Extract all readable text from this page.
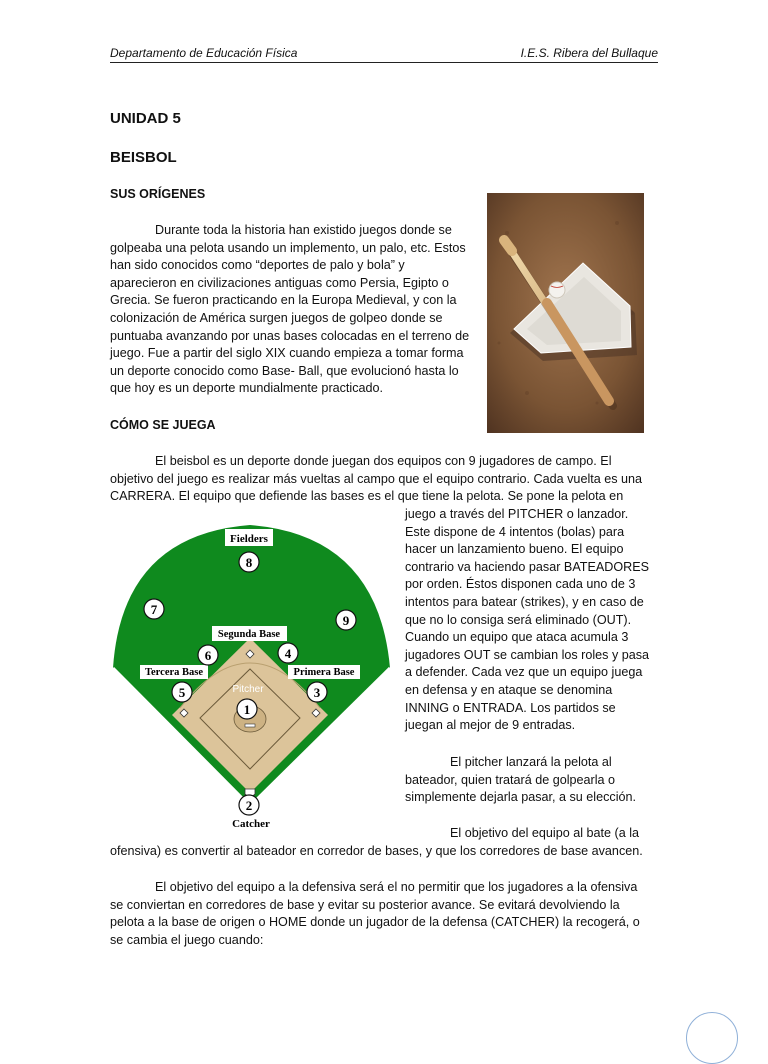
Departamento de Educación Física	I.E.S. Ribera del Bullaque
UNIDAD 5
BEISBOL
SUS ORÍGENES
Durante toda la historia han existido juegos donde se
golpeaba una pelota usando un implemento, un palo, etc. Estos
han sido conocidos como “deportes de palo y bola” y
aparecieron en civilizaciones antiguas como Persia, Egipto o
Grecia. Se fueron practicando en la Europa Medieval, y con la
colonización de América surgen juegos de golpeo donde se
puntuaba avanzando por unas bases colocadas en el terreno de
juego. Fue a partir del siglo XIX cuando empieza a tomar forma
un deporte conocido como Base- Ball, que evolucionó hasta lo
que hoy es un deporte mundialmente practicado.
CÓMO SE JUEGA
El beisbol es un deporte donde juegan dos equipos con 9 jugadores de campo. El
objetivo del juego es realizar más vueltas al campo que el equipo contrario. Cada vuelta es una
CARRERA. El equipo que defiende las bases es el que tiene la pelota. Se pone la pelota en
juego a través del PITCHER o lanzador.
Este dispone de 4 intentos (bolas) para
hacer un lanzamiento bueno. El equipo
contrario va haciendo pasar BATEADORES
por orden. Éstos disponen cada uno de 3
intentos para batear (strikes), y en caso de
que no lo consiga será eliminado (OUT).
Cuando un equipo que ataca acumula 3
jugadores OUT se cambian los roles y pasa
a defender. Cada vez que un equipo juega
en defensa y en ataque se denomina
INNING o ENTRADA. Los partidos se
juegan al mejor de 9 entradas.
El pitcher lanzará la pelota al
bateador, quien tratará de golpearla o
simplemente dejarla pasar, a su elección.
El objetivo del equipo al bate (a la
ofensiva) es convertir al bateador en corredor de bases, y que los corredores de base avancen.
El objetivo del equipo a la defensiva será el no permitir que los jugadores a la ofensiva
se conviertan en corredores de base y evitar su posterior avance. Se evitará devolviendo la
pelota a la base de origen o HOME donde un jugador de la defensa (CATCHER) la recogerá, o
se cambia el juego cuando:
Fielders
Segunda Base
Tercera Base	Primera Base
Pitcher
Catcher
1
2
3
4
5
6
7
8
9
